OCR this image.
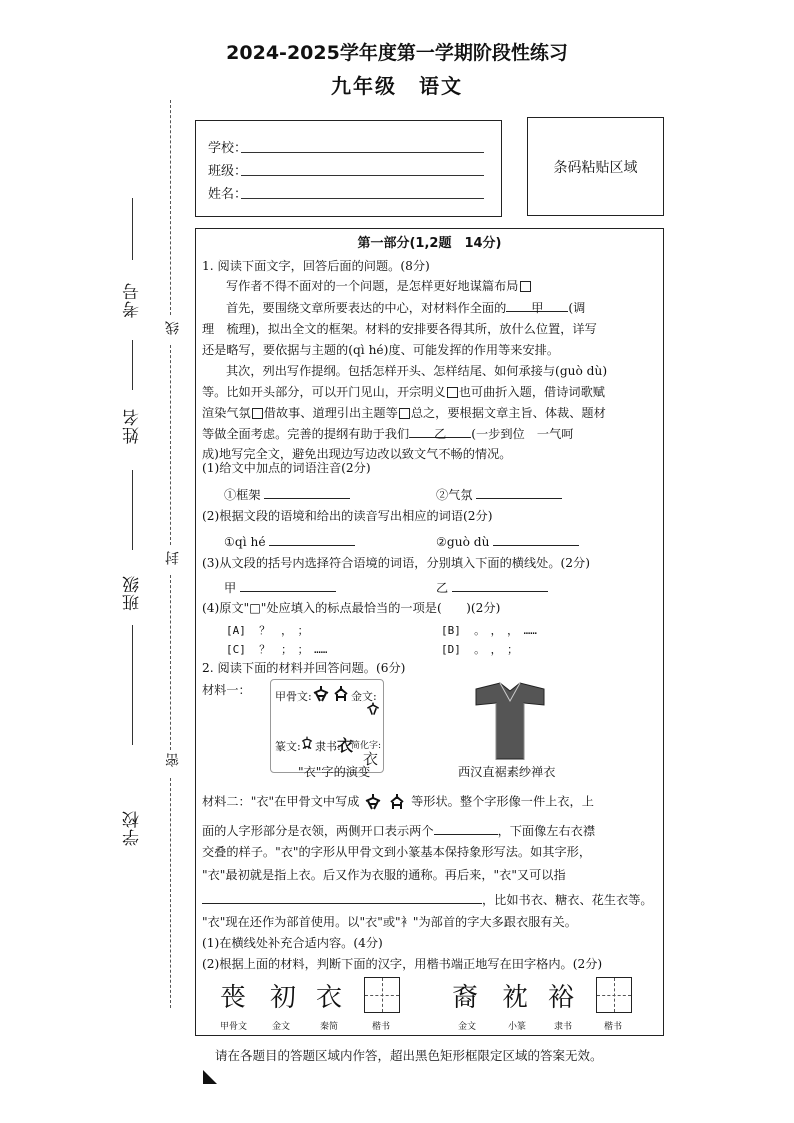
2024-2025学年度第一学期阶段性练习
九年级　语文
学校：
班级：
姓名：
条码粘贴区域
考号
姓名
班级
学校
线
封
密
第一部分(1,2题　14分)
1. 阅读下面文字，回答后面的问题。(8分)
写作者不得不面对的一个问题，是怎样更好地谋篇布局
首先，要围绕文章所要表达的中心，对材料作全面的 甲 (调
理　梳理)，拟出全文的框架。材料的安排要各得其所，放什么位置，详写
还是略写，要依据与主题的(qì hé)度、可能发挥的作用等来安排。
其次，列出写作提纲。包括怎样开头、怎样结尾、如何承接与(guò dù)
等。比如开头部分，可以开门见山，开宗明义 也可曲折入题，借诗词歌赋
渲染气氛 借故事、道理引出主题等 总之，要根据文章主旨、体裁、题材
等做全面考虑。完善的提纲有助于我们 乙 (一步到位　一气呵
成)地写完全文，避免出现边写边改以致文气不畅的情况。
(1)给文中加点的词语注音(2分)
①框架	②气氛
(2)根据文段的语境和给出的读音写出相应的词语(2分)
①qì hé	②guò dù
(3)从文段的括号内选择符合语境的词语，分别填入下面的横线处。(2分)
甲	乙
(4)原文"□"处应填入的标点最恰当的一项是(　　)(2分)
[A]  ？　，　；	[B]  。　，　，　……
[C]  ？　；　；　……	[D]  。　，　；
2. 阅读下面的材料并回答问题。(6分)
材料一： 甲骨文:	金文:
篆文: 隶书:
衣
简化字:
衣
"衣"字的演变	西汉直裾素纱禅衣
材料二："衣"在甲骨文中写成	等形状。整个字形像一件上衣，上
面的人字形部分是衣领，两侧开口表示两个	，下面像左右衣襟
交叠的样子。"衣"的字形从甲骨文到小篆基本保持象形写法。如其字形，
"衣"最初就是指上衣。后又作为衣服的通称。再后来，"衣"又可以指
，比如书衣、糖衣、花生衣等。
"衣"现在还作为部首使用。以"衣"或"衤"为部首的字大多跟衣服有关。
(1)在横线处补充合适内容。(4分)
(2)根据上面的材料，判断下面的汉字，用楷书端正地写在田字格内。(2分)
䘮 初 衣
甲骨文	金文	秦简	楷书
裔 衴 裕
金文	小篆	隶书	楷书
请在各题目的答题区域内作答，超出黑色矩形框限定区域的答案无效。
